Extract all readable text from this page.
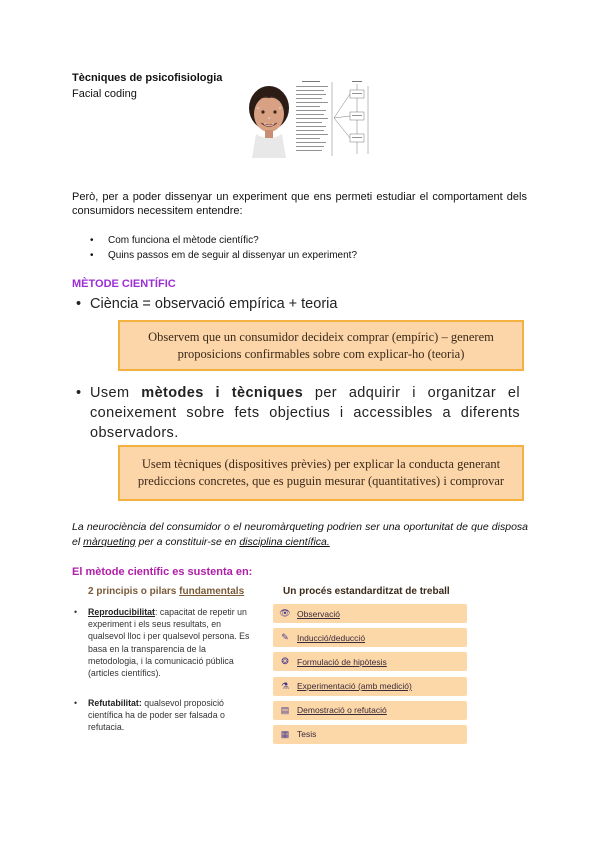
Tècniques de psicofisiologia
Facial coding
Però, per a poder dissenyar un experiment que ens permeti estudiar el comportament dels consumidors necessitem entendre:
• Com funciona el mètode científic?
• Quins passos em de seguir al dissenyar un experiment?
MÈTODE CIENTÍFIC
• Ciència = observació empírica + teoria
Observem que un consumidor decideix comprar (empíric) – generem proposicions confirmables sobre com explicar-ho (teoria)
• Usem mètodes i tècniques per adquirir i organitzar el coneixement sobre fets objectius i accessibles a diferents observadors.
Usem tècniques (dispositives prèvies) per explicar la conducta generant prediccions concretes, que es puguin mesurar (quantitatives) i comprovar
La neurociència del consumidor o el neuromàrqueting podrien ser una oportunitat de que disposa el màrqueting per a constituir-se en disciplina científica.
El mètode científic es sustenta en:
2 principis o pilars fundamentals	Un procés estandarditzat de treball
•	Reproducibilitat: capacitat de repetir un experiment i els seus resultats, en qualsevol lloc i per qualsevol persona. Es basa en la transparencia de la metodologia, i la comunicació pública (articles científics).
•	Refutabilitat: qualsevol proposició científica ha de poder ser falsada o refutacia.
👁 Observació
✎ Inducció/deducció
❂ Formulació de hipòtesis
⚗ Experimentació (amb medició)
▤ Demostració o refutació
▦ Tesis
